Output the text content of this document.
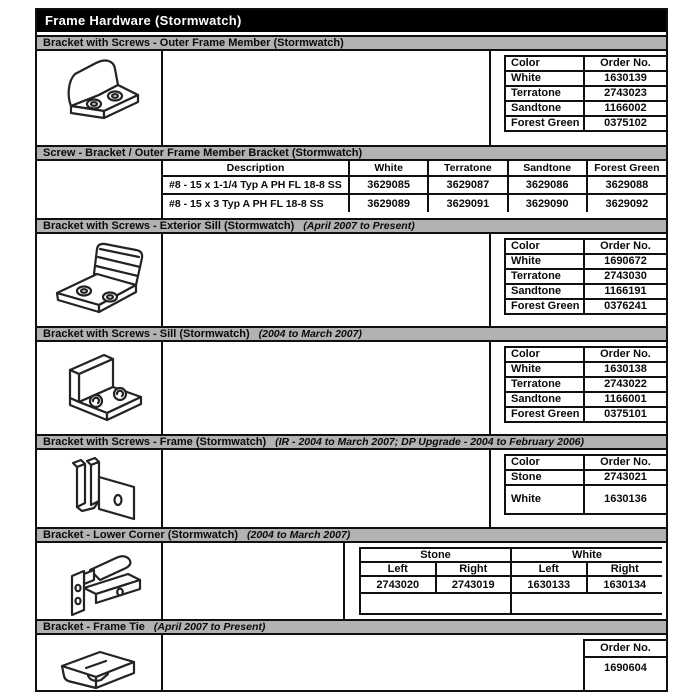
Frame Hardware (Stormwatch)
Bracket with Screws - Outer Frame Member (Stormwatch)
Color	Order No.
White	1630139
Terratone	2743023
Sandtone	1166002
Forest Green	0375102
Screw - Bracket / Outer Frame Member Bracket (Stormwatch)
Description	White	Terratone	Sandtone	Forest Green
#8 - 15 x 1-1/4 Typ A PH FL 18-8 SS	3629085	3629087	3629086	3629088
#8 - 15 x 3 Typ A PH FL 18-8 SS	3629089	3629091	3629090	3629092
Bracket with Screws - Exterior Sill (Stormwatch) (April 2007 to Present)
Color	Order No.
White	1690672
Terratone	2743030
Sandtone	1166191
Forest Green	0376241
Bracket with Screws - Sill (Stormwatch) (2004 to March 2007)
Color	Order No.
White	1630138
Terratone	2743022
Sandtone	1166001
Forest Green	0375101
Bracket with Screws - Frame (Stormwatch) (IR - 2004 to March 2007; DP Upgrade - 2004 to February 2006)
Color	Order No.
Stone	2743021
White	1630136
Bracket - Lower Corner (Stormwatch) (2004 to March 2007)
Stone		White	
Left	Right	Left	Right
2743020	2743019	1630133	1630134

Bracket - Frame Tie (April 2007 to Present)
Order No.
1690604
